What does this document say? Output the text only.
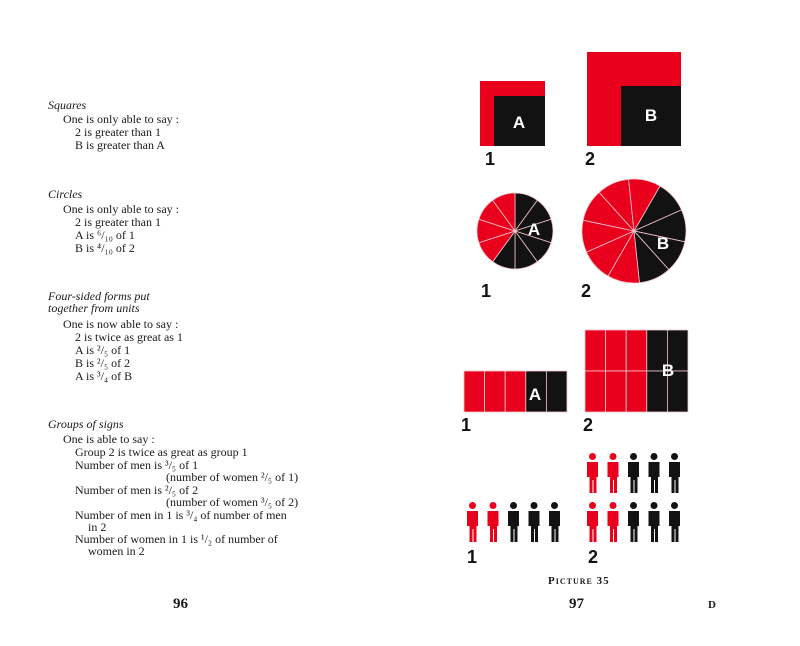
Squares
One is only able to say :
2 is greater than 1
B is greater than A
Circles
One is only able to say :
2 is greater than 1
A is ⁶/₁₀ of 1
B is ⁴/₁₀ of 2
Four-sided forms put
together from units
One is now able to say :
2 is twice as great as 1
A is ²/₅ of 1
B is ²/₅ of 2
A is ³/₄ of B
Groups of signs
One is able to say :
Group 2 is twice as great as group 1
Number of men is ³/₅ of 1
(number of women ²/₅ of 1)
Number of men is ²/₅ of 2
(number of women ³/₅ of 2)
Number of men in 1 is ³/₄ of number of men
in 2
Number of women in 1 is ¹/₂ of number of
women in 2
96
A
1
B
2
A
1
B
2
A
1
B
2
1	2
Picture 35
97	D
